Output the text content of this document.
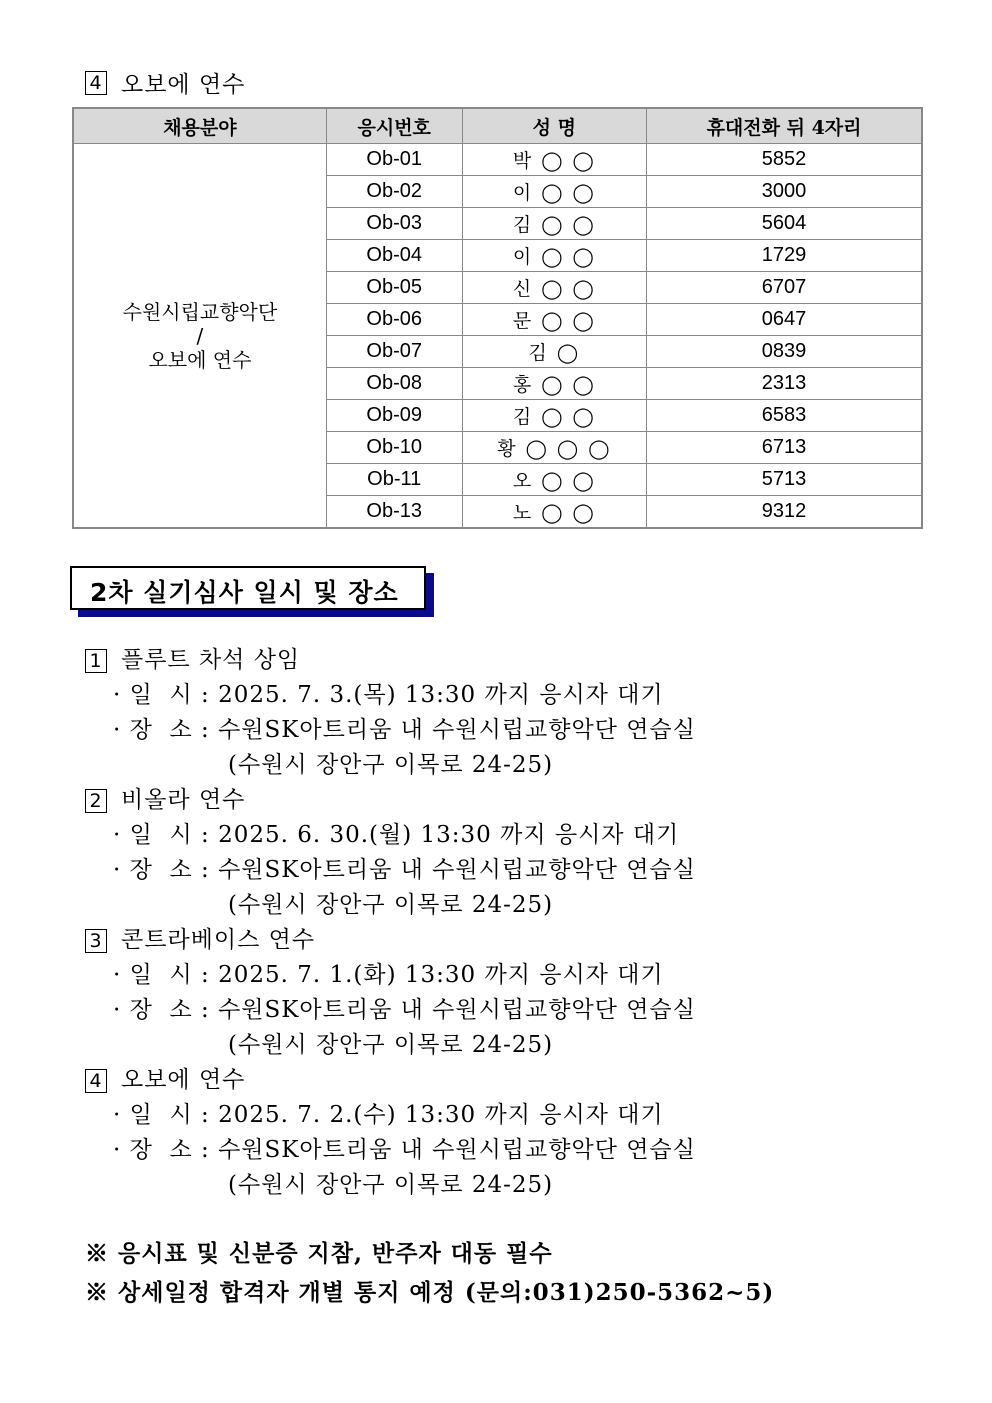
4 오보에 연수
채용분야	응시번호	성 명	휴대전화 뒤 4자리

수원시립교향악단
/
오보에 연수	Ob-01	박 ◯ ◯	5852
	Ob-02	이 ◯ ◯	3000
	Ob-03	김 ◯ ◯	5604
	Ob-04	이 ◯ ◯	1729
	Ob-05	신 ◯ ◯	6707
	Ob-06	문 ◯ ◯	0647
	Ob-07	김 ◯	0839
	Ob-08	홍 ◯ ◯	2313
	Ob-09	김 ◯ ◯	6583
	Ob-10	황 ◯ ◯ ◯	6713
	Ob-11	오 ◯ ◯	5713
	Ob-13	노 ◯ ◯	9312
2차 실기심사 일시 및 장소
1 플루트 차석 상임
· 일  시 : 2025. 7. 3.(목) 13:30 까지 응시자 대기
· 장  소 : 수원SK아트리움 내 수원시립교향악단 연습실
(수원시 장안구 이목로 24-25)
2 비올라 연수
· 일  시 : 2025. 6. 30.(월) 13:30 까지 응시자 대기
· 장  소 : 수원SK아트리움 내 수원시립교향악단 연습실
(수원시 장안구 이목로 24-25)
3 콘트라베이스 연수
· 일  시 : 2025. 7. 1.(화) 13:30 까지 응시자 대기
· 장  소 : 수원SK아트리움 내 수원시립교향악단 연습실
(수원시 장안구 이목로 24-25)
4 오보에 연수
· 일  시 : 2025. 7. 2.(수) 13:30 까지 응시자 대기
· 장  소 : 수원SK아트리움 내 수원시립교향악단 연습실
(수원시 장안구 이목로 24-25)
※ 응시표 및 신분증 지참, 반주자 대동 필수
※ 상세일정 합격자 개별 통지 예정 (문의:031)250-5362~5)
